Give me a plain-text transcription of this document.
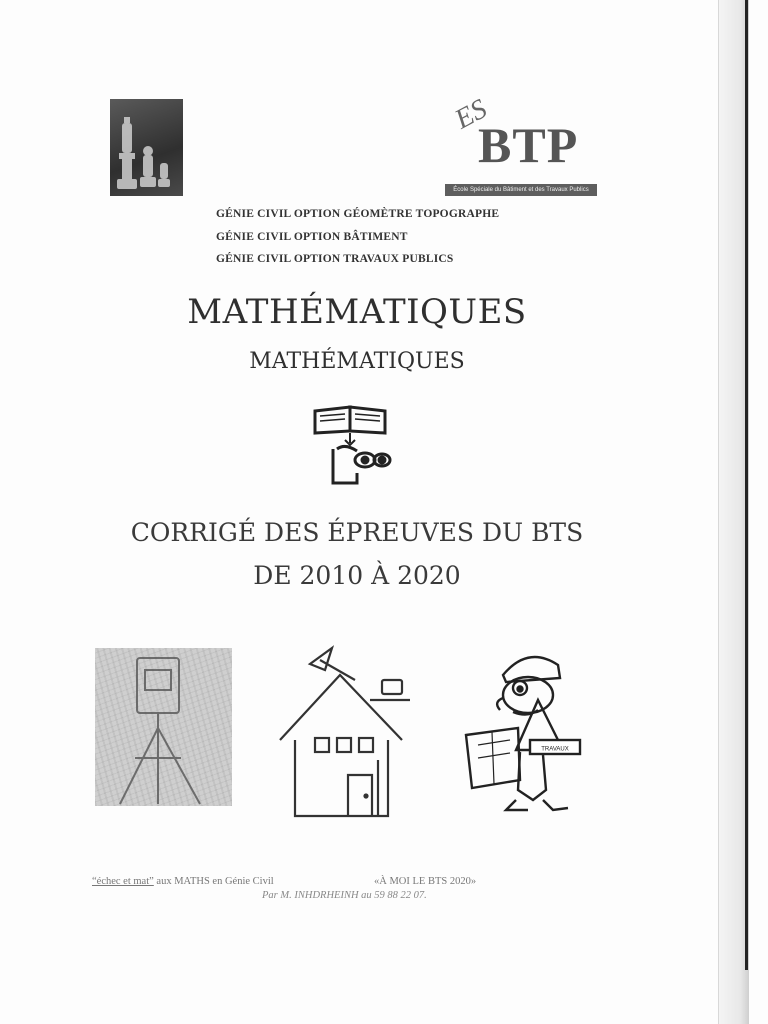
ES
BTP
École Spéciale du Bâtiment et des Travaux Publics
GÉNIE CIVIL OPTION GÉOMÈTRE TOPOGRAPHE
GÉNIE CIVIL OPTION BÂTIMENT
GÉNIE CIVIL OPTION TRAVAUX PUBLICS
MATHÉMATIQUES
MATHÉMATIQUES
CORRIGÉ DES ÉPREUVES DU BTS
DE 2010 À 2020
TRAVAUX
“échec et mat” aux MATHS en Génie Civil	«À MOI LE BTS 2020»
Par M. INHDRHEINH au 59 88 22 07.
